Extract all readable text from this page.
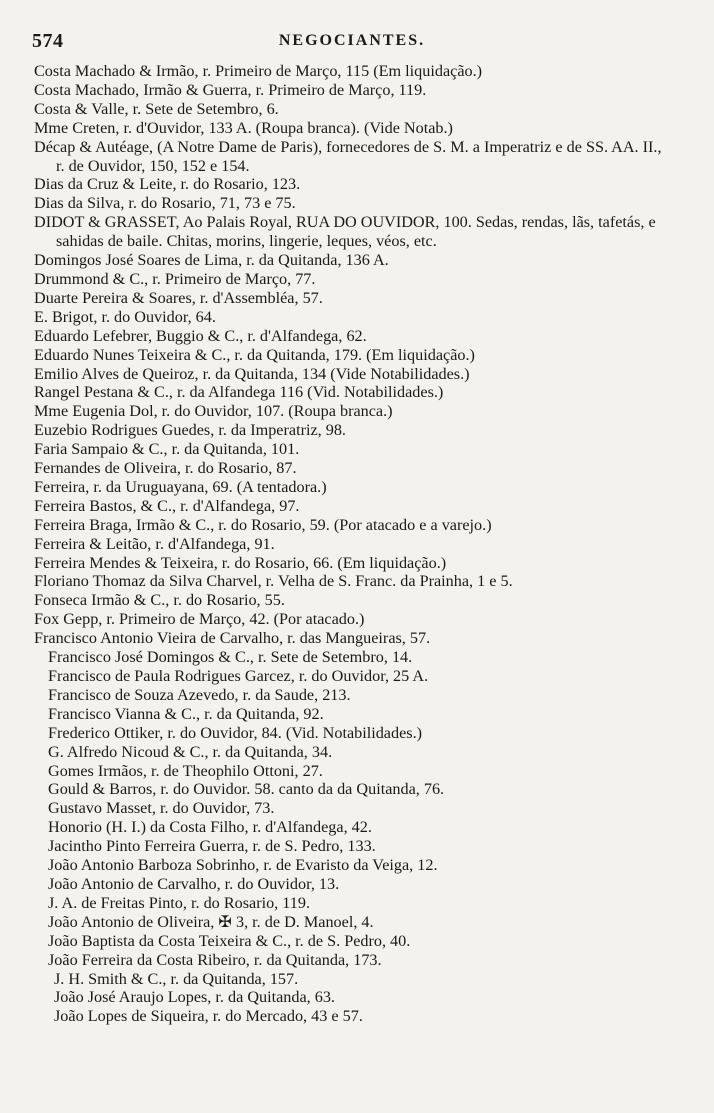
574	NEGOCIANTES.
Costa Machado & Irmão, r. Primeiro de Março, 115 (Em liquidação.)
Costa Machado, Irmão & Guerra, r. Primeiro de Março, 119.
Costa & Valle, r. Sete de Setembro, 6.
Mme Creten, r. d'Ouvidor, 133 A. (Roupa branca). (Vide Notab.)
Décap & Autéage, (A Notre Dame de Paris), fornecedores de S. M. a Imperatriz e de SS. AA. II., r. de Ouvidor, 150, 152 e 154.
Dias da Cruz & Leite, r. do Rosario, 123.
Dias da Silva, r. do Rosario, 71, 73 e 75.
DIDOT & GRASSET, Ao Palais Royal, RUA DO OUVIDOR, 100. Sedas, rendas, lãs, tafetás, e sahidas de baile. Chitas, morins, lingerie, leques, véos, etc.
Domingos José Soares de Lima, r. da Quitanda, 136 A.
Drummond & C., r. Primeiro de Março, 77.
Duarte Pereira & Soares, r. d'Assembléa, 57.
E. Brigot, r. do Ouvidor, 64.
Eduardo Lefebrer, Buggio & C., r. d'Alfandega, 62.
Eduardo Nunes Teixeira & C., r. da Quitanda, 179. (Em liquidação.)
Emilio Alves de Queiroz, r. da Quitanda, 134 (Vide Notabilidades.)
Rangel Pestana & C., r. da Alfandega 116 (Vid. Notabilidades.)
Mme Eugenia Dol, r. do Ouvidor, 107. (Roupa branca.)
Euzebio Rodrigues Guedes, r. da Imperatriz, 98.
Faria Sampaio & C., r. da Quitanda, 101.
Fernandes de Oliveira, r. do Rosario, 87.
Ferreira, r. da Uruguayana, 69. (A tentadora.)
Ferreira Bastos, & C., r. d'Alfandega, 97.
Ferreira Braga, Irmão & C., r. do Rosario, 59. (Por atacado e a varejo.)
Ferreira & Leitão, r. d'Alfandega, 91.
Ferreira Mendes & Teixeira, r. do Rosario, 66. (Em liquidação.)
Floriano Thomaz da Silva Charvel, r. Velha de S. Franc. da Prainha, 1 e 5.
Fonseca Irmão & C., r. do Rosario, 55.
Fox Gepp, r. Primeiro de Março, 42. (Por atacado.)
Francisco Antonio Vieira de Carvalho, r. das Mangueiras, 57.
Francisco José Domingos & C., r. Sete de Setembro, 14.
Francisco de Paula Rodrigues Garcez, r. do Ouvidor, 25 A.
Francisco de Souza Azevedo, r. da Saude, 213.
Francisco Vianna & C., r. da Quitanda, 92.
Frederico Ottiker, r. do Ouvidor, 84. (Vid. Notabilidades.)
G. Alfredo Nicoud & C., r. da Quitanda, 34.
Gomes Irmãos, r. de Theophilo Ottoni, 27.
Gould & Barros, r. do Ouvidor. 58. canto da da Quitanda, 76.
Gustavo Masset, r. do Ouvidor, 73.
Honorio (H. I.) da Costa Filho, r. d'Alfandega, 42.
Jacintho Pinto Ferreira Guerra, r. de S. Pedro, 133.
João Antonio Barboza Sobrinho, r. de Evaristo da Veiga, 12.
João Antonio de Carvalho, r. do Ouvidor, 13.
J. A. de Freitas Pinto, r. do Rosario, 119.
João Antonio de Oliveira, ✠ 3, r. de D. Manoel, 4.
João Baptista da Costa Teixeira & C., r. de S. Pedro, 40.
João Ferreira da Costa Ribeiro, r. da Quitanda, 173.
J. H. Smith & C., r. da Quitanda, 157.
João José Araujo Lopes, r. da Quitanda, 63.
João Lopes de Siqueira, r. do Mercado, 43 e 57.
